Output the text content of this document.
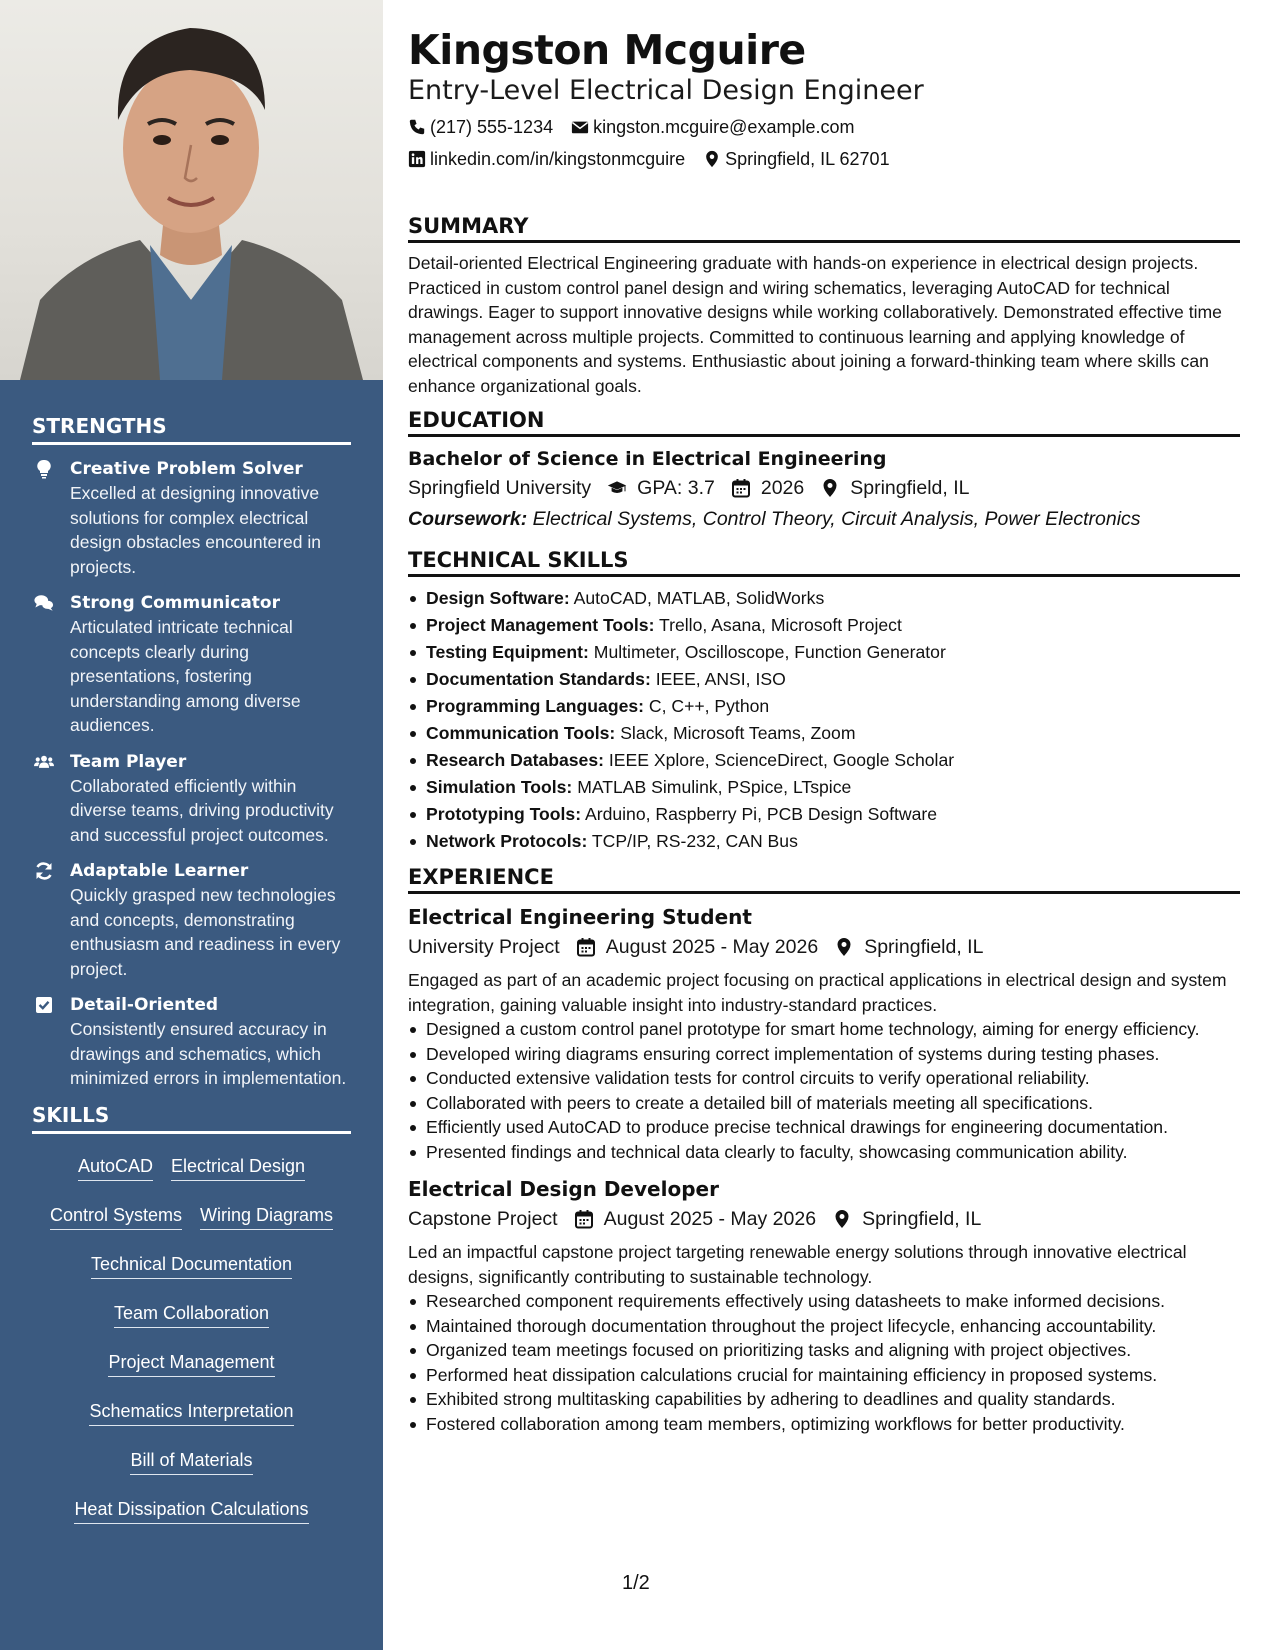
STRENGTHS
Creative Problem Solver
Excelled at designing innovative solutions for complex electrical design obstacles encountered in projects.
Strong Communicator
Articulated intricate technical concepts clearly during presentations, fostering understanding among diverse audiences.
Team Player
Collaborated efficiently within diverse teams, driving productivity and successful project outcomes.
Adaptable Learner
Quickly grasped new technologies and concepts, demonstrating enthusiasm and readiness in every project.
Detail-Oriented
Consistently ensured accuracy in drawings and schematics, which minimized errors in implementation.
SKILLS
AutoCAD Electrical Design
Control Systems Wiring Diagrams
Technical Documentation
Team Collaboration
Project Management
Schematics Interpretation
Bill of Materials
Heat Dissipation Calculations
Kingston Mcguire
Entry-Level Electrical Design Engineer
(217) 555-1234 kingston.mcguire@example.com
linkedin.com/in/kingstonmcguire Springfield, IL 62701
SUMMARY
Detail-oriented Electrical Engineering graduate with hands-on experience in electrical design projects. Practiced in custom control panel design and wiring schematics, leveraging AutoCAD for technical drawings. Eager to support innovative designs while working collaboratively. Demonstrated effective time management across multiple projects. Committed to continuous learning and applying knowledge of electrical components and systems. Enthusiastic about joining a forward-thinking team where skills can enhance organizational goals.
EDUCATION
Bachelor of Science in Electrical Engineering
Springfield University GPA: 3.7 2026 Springfield, IL
Coursework: Electrical Systems, Control Theory, Circuit Analysis, Power Electronics
TECHNICAL SKILLS
Design Software: AutoCAD, MATLAB, SolidWorks
Project Management Tools: Trello, Asana, Microsoft Project
Testing Equipment: Multimeter, Oscilloscope, Function Generator
Documentation Standards: IEEE, ANSI, ISO
Programming Languages: C, C++, Python
Communication Tools: Slack, Microsoft Teams, Zoom
Research Databases: IEEE Xplore, ScienceDirect, Google Scholar
Simulation Tools: MATLAB Simulink, PSpice, LTspice
Prototyping Tools: Arduino, Raspberry Pi, PCB Design Software
Network Protocols: TCP/IP, RS-232, CAN Bus
EXPERIENCE
Electrical Engineering Student
University Project August 2025 - May 2026 Springfield, IL
Engaged as part of an academic project focusing on practical applications in electrical design and system integration, gaining valuable insight into industry-standard practices.
Designed a custom control panel prototype for smart home technology, aiming for energy efficiency.
Developed wiring diagrams ensuring correct implementation of systems during testing phases.
Conducted extensive validation tests for control circuits to verify operational reliability.
Collaborated with peers to create a detailed bill of materials meeting all specifications.
Efficiently used AutoCAD to produce precise technical drawings for engineering documentation.
Presented findings and technical data clearly to faculty, showcasing communication ability.
Electrical Design Developer
Capstone Project August 2025 - May 2026 Springfield, IL
Led an impactful capstone project targeting renewable energy solutions through innovative electrical designs, significantly contributing to sustainable technology.
Researched component requirements effectively using datasheets to make informed decisions.
Maintained thorough documentation throughout the project lifecycle, enhancing accountability.
Organized team meetings focused on prioritizing tasks and aligning with project objectives.
Performed heat dissipation calculations crucial for maintaining efficiency in proposed systems.
Exhibited strong multitasking capabilities by adhering to deadlines and quality standards.
Fostered collaboration among team members, optimizing workflows for better productivity.
1/2
